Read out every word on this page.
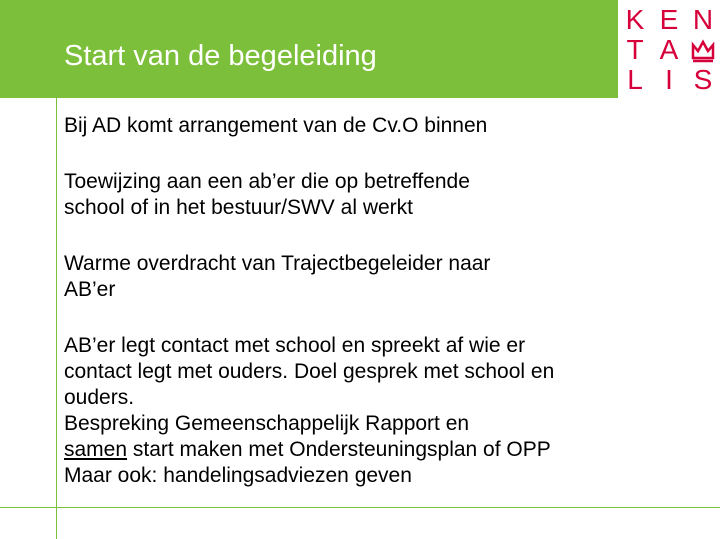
Start van de begeleiding
K E N
T A
L I S

Bij AD komt arrangement van de Cv.O binnen

Toewijzing aan een ab’er die op betreffende

school of in het bestuur/SWV al werkt

Warme overdracht van Trajectbegeleider naar

AB’er

AB’er legt contact met school en spreekt af wie er

contact legt met ouders. Doel gesprek met school en

ouders.

Bespreking Gemeenschappelijk Rapport en

samen start maken met Ondersteuningsplan of OPP

Maar ook: handelingsadviezen geven
